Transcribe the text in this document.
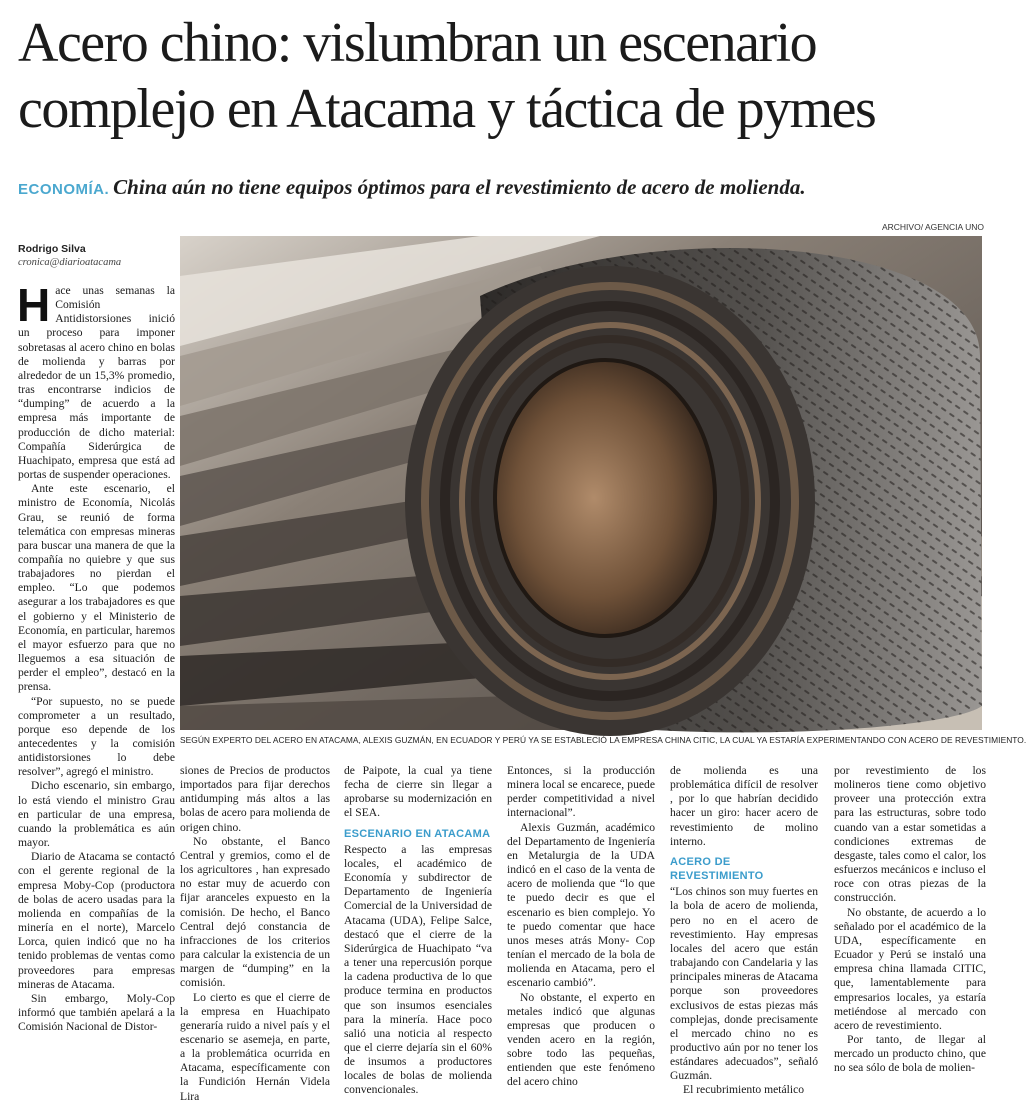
Acero chino: vislumbran un escenario complejo en Atacama y táctica de pymes
ECONOMÍA. China aún no tiene equipos óptimos para el revestimiento de acero de molienda.
ARCHIVO/ AGENCIA UNO
Rodrigo Silva
cronica@diarioatacama
SEGÚN EXPERTO DEL ACERO EN ATACAMA, ALEXIS GUZMÁN, EN ECUADOR Y PERÚ YA SE ESTABLECIÓ LA EMPRESA CHINA CITIC, LA CUAL YA ESTARÍA EXPERIMENTANDO CON ACERO DE REVESTIMIENTO.

Hace unas semanas la Comisión Antidistorsiones inició un proceso para imponer sobretasas al acero chino en bolas de molienda y barras por alrededor de un 15,3% promedio, tras encontrarse indicios de “dumping” de acuerdo a la empresa más importante de producción de dicho material: Compañía Siderúrgica de Huachipato, empresa que está ad portas de suspender operaciones.

Ante este escenario, el ministro de Economía, Nicolás Grau, se reunió de forma telemática con empresas mineras para buscar una manera de que la compañía no quiebre y que sus trabajadores no pierdan el empleo. “Lo que podemos asegurar a los trabajadores es que el gobierno y el Ministerio de Economía, en particular, haremos el mayor esfuerzo para que no lleguemos a esa situación de perder el empleo”, destacó en la prensa.

“Por supuesto, no se puede comprometer a un resultado, porque eso depende de los antecedentes y la comisión antidistorsiones lo debe resolver”, agregó el ministro.

Dicho escenario, sin embargo, lo está viendo el ministro Grau en particular de una empresa, cuando la problemática es aún mayor.

Diario de Atacama se contactó con el gerente regional de la empresa Moby-Cop (productora de bolas de acero usadas para la molienda en compañías de la minería en el norte), Marcelo Lorca, quien indicó que no ha tenido problemas de ventas como proveedores para empresas mineras de Atacama.

Sin embargo, Moly-Cop informó que también apelará a la Comisión Nacional de Distor-

siones de Precios de productos importados para fijar derechos antidumping más altos a las bolas de acero para molienda de origen chino.

No obstante, el Banco Central y gremios, como el de los agricultores , han expresado no estar muy de acuerdo con fijar aranceles expuesto en la comisión. De hecho, el Banco Central dejó constancia de infracciones de los criterios para calcular la existencia de un margen de “dumping” en la comisión.

Lo cierto es que el cierre de la empresa en Huachipato generaría ruido a nivel país y el escenario se asemeja, en parte, a la problemática ocurrida en Atacama, específicamente con la Fundición Hernán Videla Lira

de Paipote, la cual ya tiene fecha de cierre sin llegar a aprobarse su modernización en el SEA.

ESCENARIO EN ATACAMA

Respecto a las empresas locales, el académico de Economía y subdirector de Departamento de Ingeniería Comercial de la Universidad de Atacama (UDA), Felipe Salce, destacó que el cierre de la Siderúrgica de Huachipato “va a tener una repercusión porque la cadena productiva de lo que produce termina en productos que son insumos esenciales para la minería. Hace poco salió una noticia al respecto que el cierre dejaría sin el 60% de insumos a productores locales de bolas de molienda convencionales.

Entonces, si la producción minera local se encarece, puede perder competitividad a nivel internacional”.

Alexis Guzmán, académico del Departamento de Ingeniería en Metalurgia de la UDA indicó en el caso de la venta de acero de molienda que “lo que te puedo decir es que el escenario es bien complejo. Yo te puedo comentar que hace unos meses atrás Mony- Cop tenían el mercado de la bola de molienda en Atacama, pero el escenario cambió”.

No obstante, el experto en metales indicó que algunas empresas que producen o venden acero en la región, sobre todo las pequeñas, entienden que este fenómeno del acero chino

de molienda es una problemática difícil de resolver , por lo que habrían decidido hacer un giro: hacer acero de revestimiento de molino interno.

ACERO DE REVESTIMIENTO

“Los chinos son muy fuertes en la bola de acero de molienda, pero no en el acero de revestimiento. Hay empresas locales del acero que están trabajando con Candelaria y las principales mineras de Atacama porque son proveedores exclusivos de estas piezas más complejas, donde precisamente el mercado chino no es productivo aún por no tener los estándares adecuados”, señaló Guzmán.

El recubrimiento metálico

por revestimiento de los molineros tiene como objetivo proveer una protección extra para las estructuras, sobre todo cuando van a estar sometidas a condiciones extremas de desgaste, tales como el calor, los esfuerzos mecánicos e incluso el roce con otras piezas de la construcción.

No obstante, de acuerdo a lo señalado por el académico de la UDA, específicamente en Ecuador y Perú se instaló una empresa china llamada CITIC, que, lamentablemente para empresarios locales, ya estaría metiéndose al mercado con acero de revestimiento.

Por tanto, de llegar al mercado un producto chino, que no sea sólo de bola de molien-
